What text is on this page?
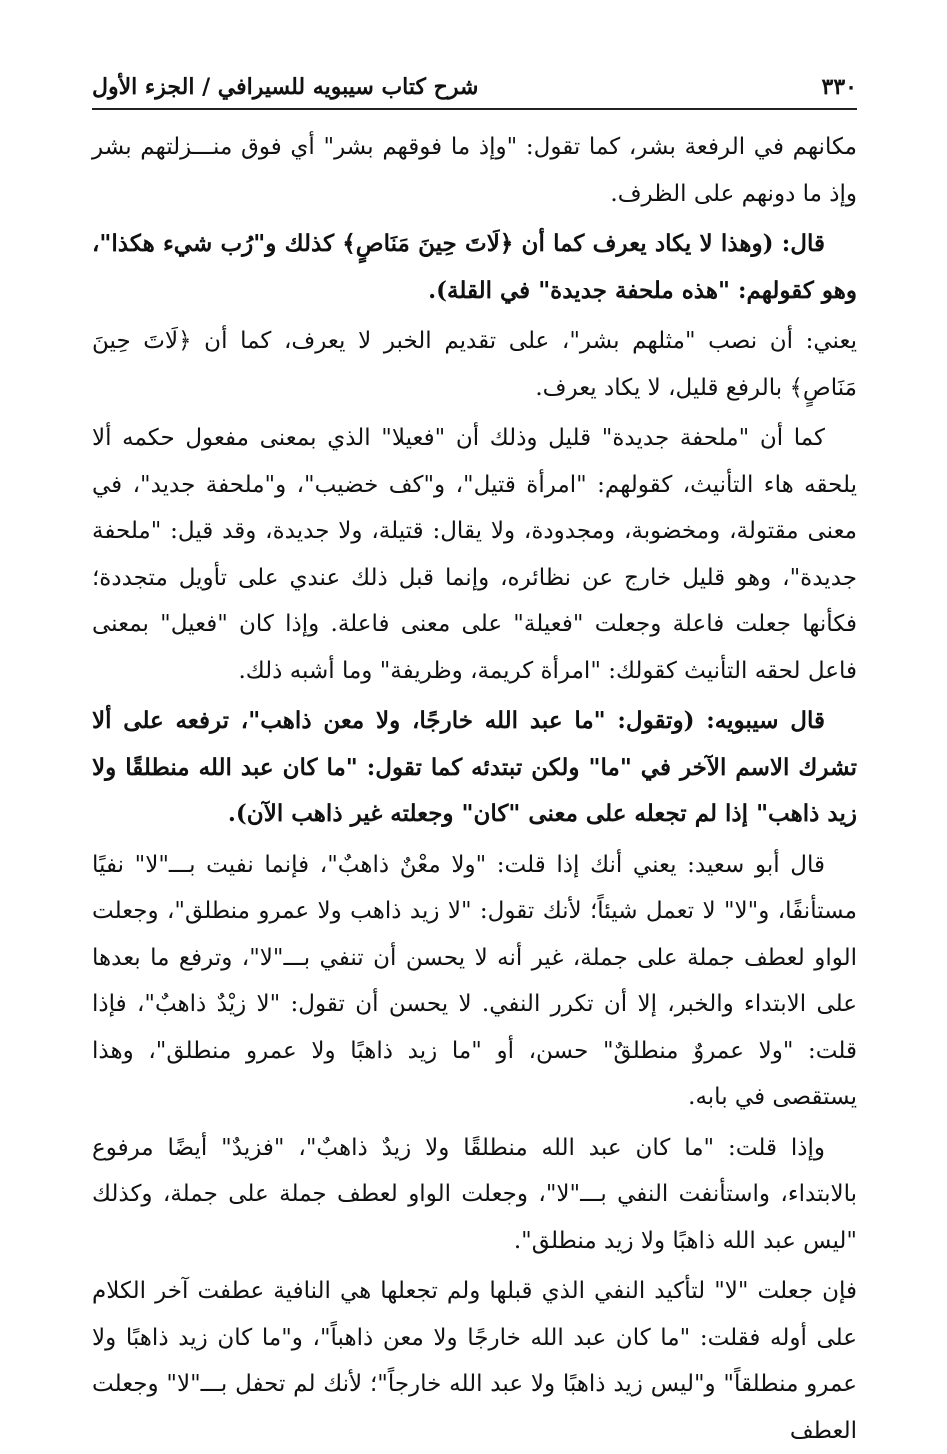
٣٣٠
شرح كتاب سيبويه للسيرافي / الجزء الأول

مكانهم في الرفعة بشر، كما تقول: "وإذ ما فوقهم بشر" أي فوق منـــزلتهم بشر وإذ ما دونهم على الظرف.

قال: (وهذا لا يكاد يعرف كما أن ﴿لَاتَ حِينَ مَنَاصٍ﴾ كذلك و"رُب شيء هكذا"، وهو كقولهم: "هذه ملحفة جديدة" في القلة).

يعني: أن نصب "مثلهم بشر"، على تقديم الخبر لا يعرف، كما أن ﴿لَاتَ حِينَ مَنَاصٍ﴾ بالرفع قليل، لا يكاد يعرف.

كما أن "ملحفة جديدة" قليل وذلك أن "فعيلا" الذي بمعنى مفعول حكمه ألا يلحقه هاء التأنيث، كقولهم: "امرأة قتيل"، و"كف خضيب"، و"ملحفة جديد"، في معنى مقتولة، ومخضوبة، ومجدودة، ولا يقال: قتيلة، ولا جديدة، وقد قيل: "ملحفة جديدة"، وهو قليل خارج عن نظائره، وإنما قبل ذلك عندي على تأويل متجددة؛ فكأنها جعلت فاعلة وجعلت "فعيلة" على معنى فاعلة. وإذا كان "فعيل" بمعنى فاعل لحقه التأنيث كقولك: "امرأة كريمة، وظريفة" وما أشبه ذلك.

قال سيبويه: (وتقول: "ما عبد الله خارجًا، ولا معن ذاهب"، ترفعه على ألا تشرك الاسم الآخر في "ما" ولكن تبتدئه كما تقول: "ما كان عبد الله منطلقًا ولا زيد ذاهب" إذا لم تجعله على معنى "كان" وجعلته غير ذاهب الآن).

قال أبو سعيد: يعني أنك إذا قلت: "ولا معْنٌ ذاهبٌ"، فإنما نفيت بـــ"لا" نفيًا مستأنفًا، و"لا" لا تعمل شيئاً؛ لأنك تقول: "لا زيد ذاهب ولا عمرو منطلق"، وجعلت الواو لعطف جملة على جملة، غير أنه لا يحسن أن تنفي بـــ"لا"، وترفع ما بعدها على الابتداء والخبر، إلا أن تكرر النفي. لا يحسن أن تقول: "لا زيْدٌ ذاهبٌ"، فإذا قلت: "ولا عمروٌ منطلقٌ" حسن، أو "ما زيد ذاهبًا ولا عمرو منطلق"، وهذا يستقصى في بابه.

وإذا قلت: "ما كان عبد الله منطلقًا ولا زيدٌ ذاهبٌ"، "فزيدٌ" أيضًا مرفوع بالابتداء، واستأنفت النفي بـــ"لا"، وجعلت الواو لعطف جملة على جملة، وكذلك "ليس عبد الله ذاهبًا ولا زيد منطلق".

فإن جعلت "لا" لتأكيد النفي الذي قبلها ولم تجعلها هي النافية عطفت آخر الكلام على أوله فقلت: "ما كان عبد الله خارجًا ولا معن ذاهباً"، و"ما كان زيد ذاهبًا ولا عمرو منطلقاً" و"ليس زيد ذاهبًا ولا عبد الله خارجاً"؛ لأنك لم تحفل بـــ"لا" وجعلت العطف
